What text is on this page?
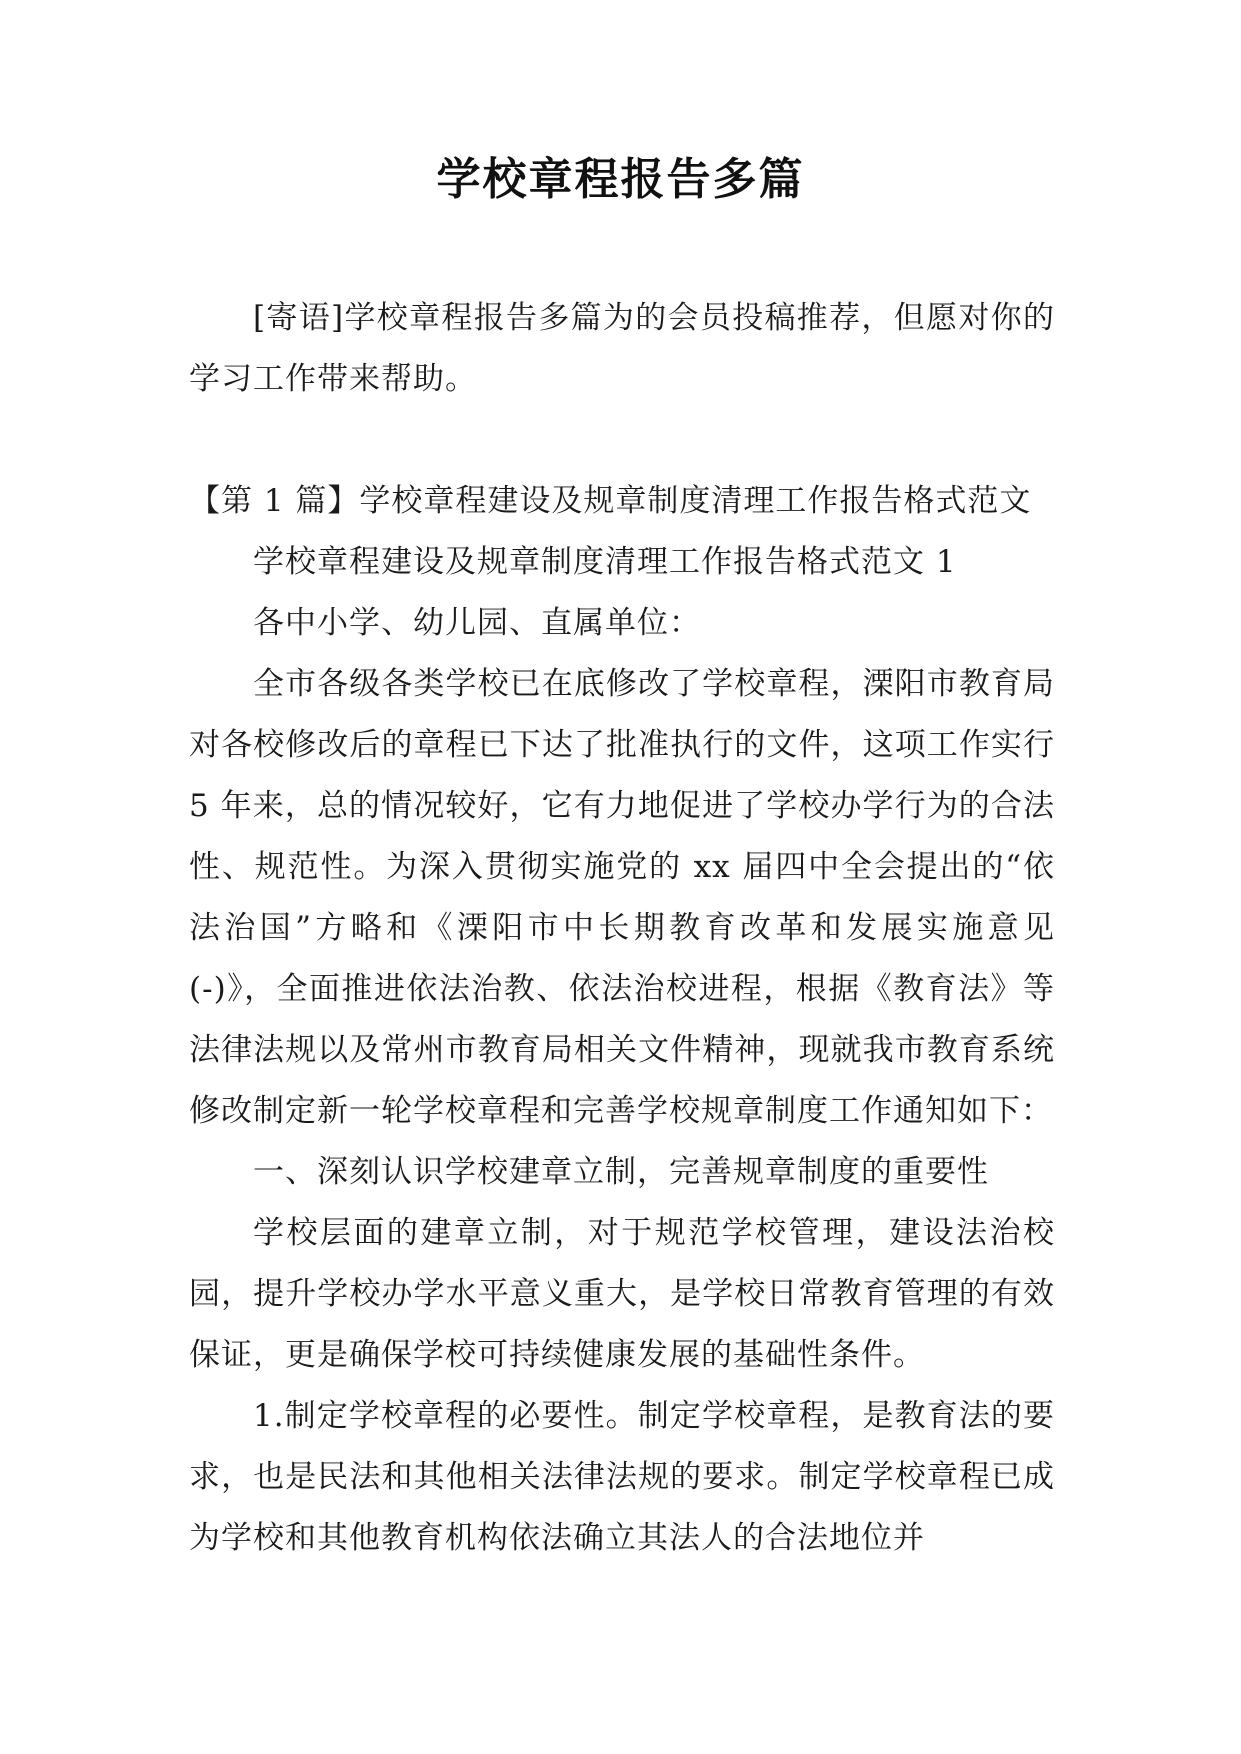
学校章程报告多篇

[寄语]学校章程报告多篇为的会员投稿推荐，但愿对你的学习工作带来帮助。

【第 1 篇】学校章程建设及规章制度清理工作报告格式范文

学校章程建设及规章制度清理工作报告格式范文 1

各中小学、幼儿园、直属单位：

全市各级各类学校已在底修改了学校章程，溧阳市教育局对各校修改后的章程已下达了批准执行的文件，这项工作实行 5 年来，总的情况较好，它有力地促进了学校办学行为的合法性、规范性。为深入贯彻实施党的 xx 届四中全会提出的“依法治国”方略和《溧阳市中长期教育改革和发展实施意见(-)》，全面推进依法治教、依法治校进程，根据《教育法》等法律法规以及常州市教育局相关文件精神，现就我市教育系统修改制定新一轮学校章程和完善学校规章制度工作通知如下：

一、深刻认识学校建章立制，完善规章制度的重要性

学校层面的建章立制，对于规范学校管理，建设法治校园，提升学校办学水平意义重大，是学校日常教育管理的有效保证，更是确保学校可持续健康发展的基础性条件。

1.制定学校章程的必要性。制定学校章程，是教育法的要求，也是民法和其他相关法律法规的要求。制定学校章程已成为学校和其他教育机构依法确立其法人的合法地位并
